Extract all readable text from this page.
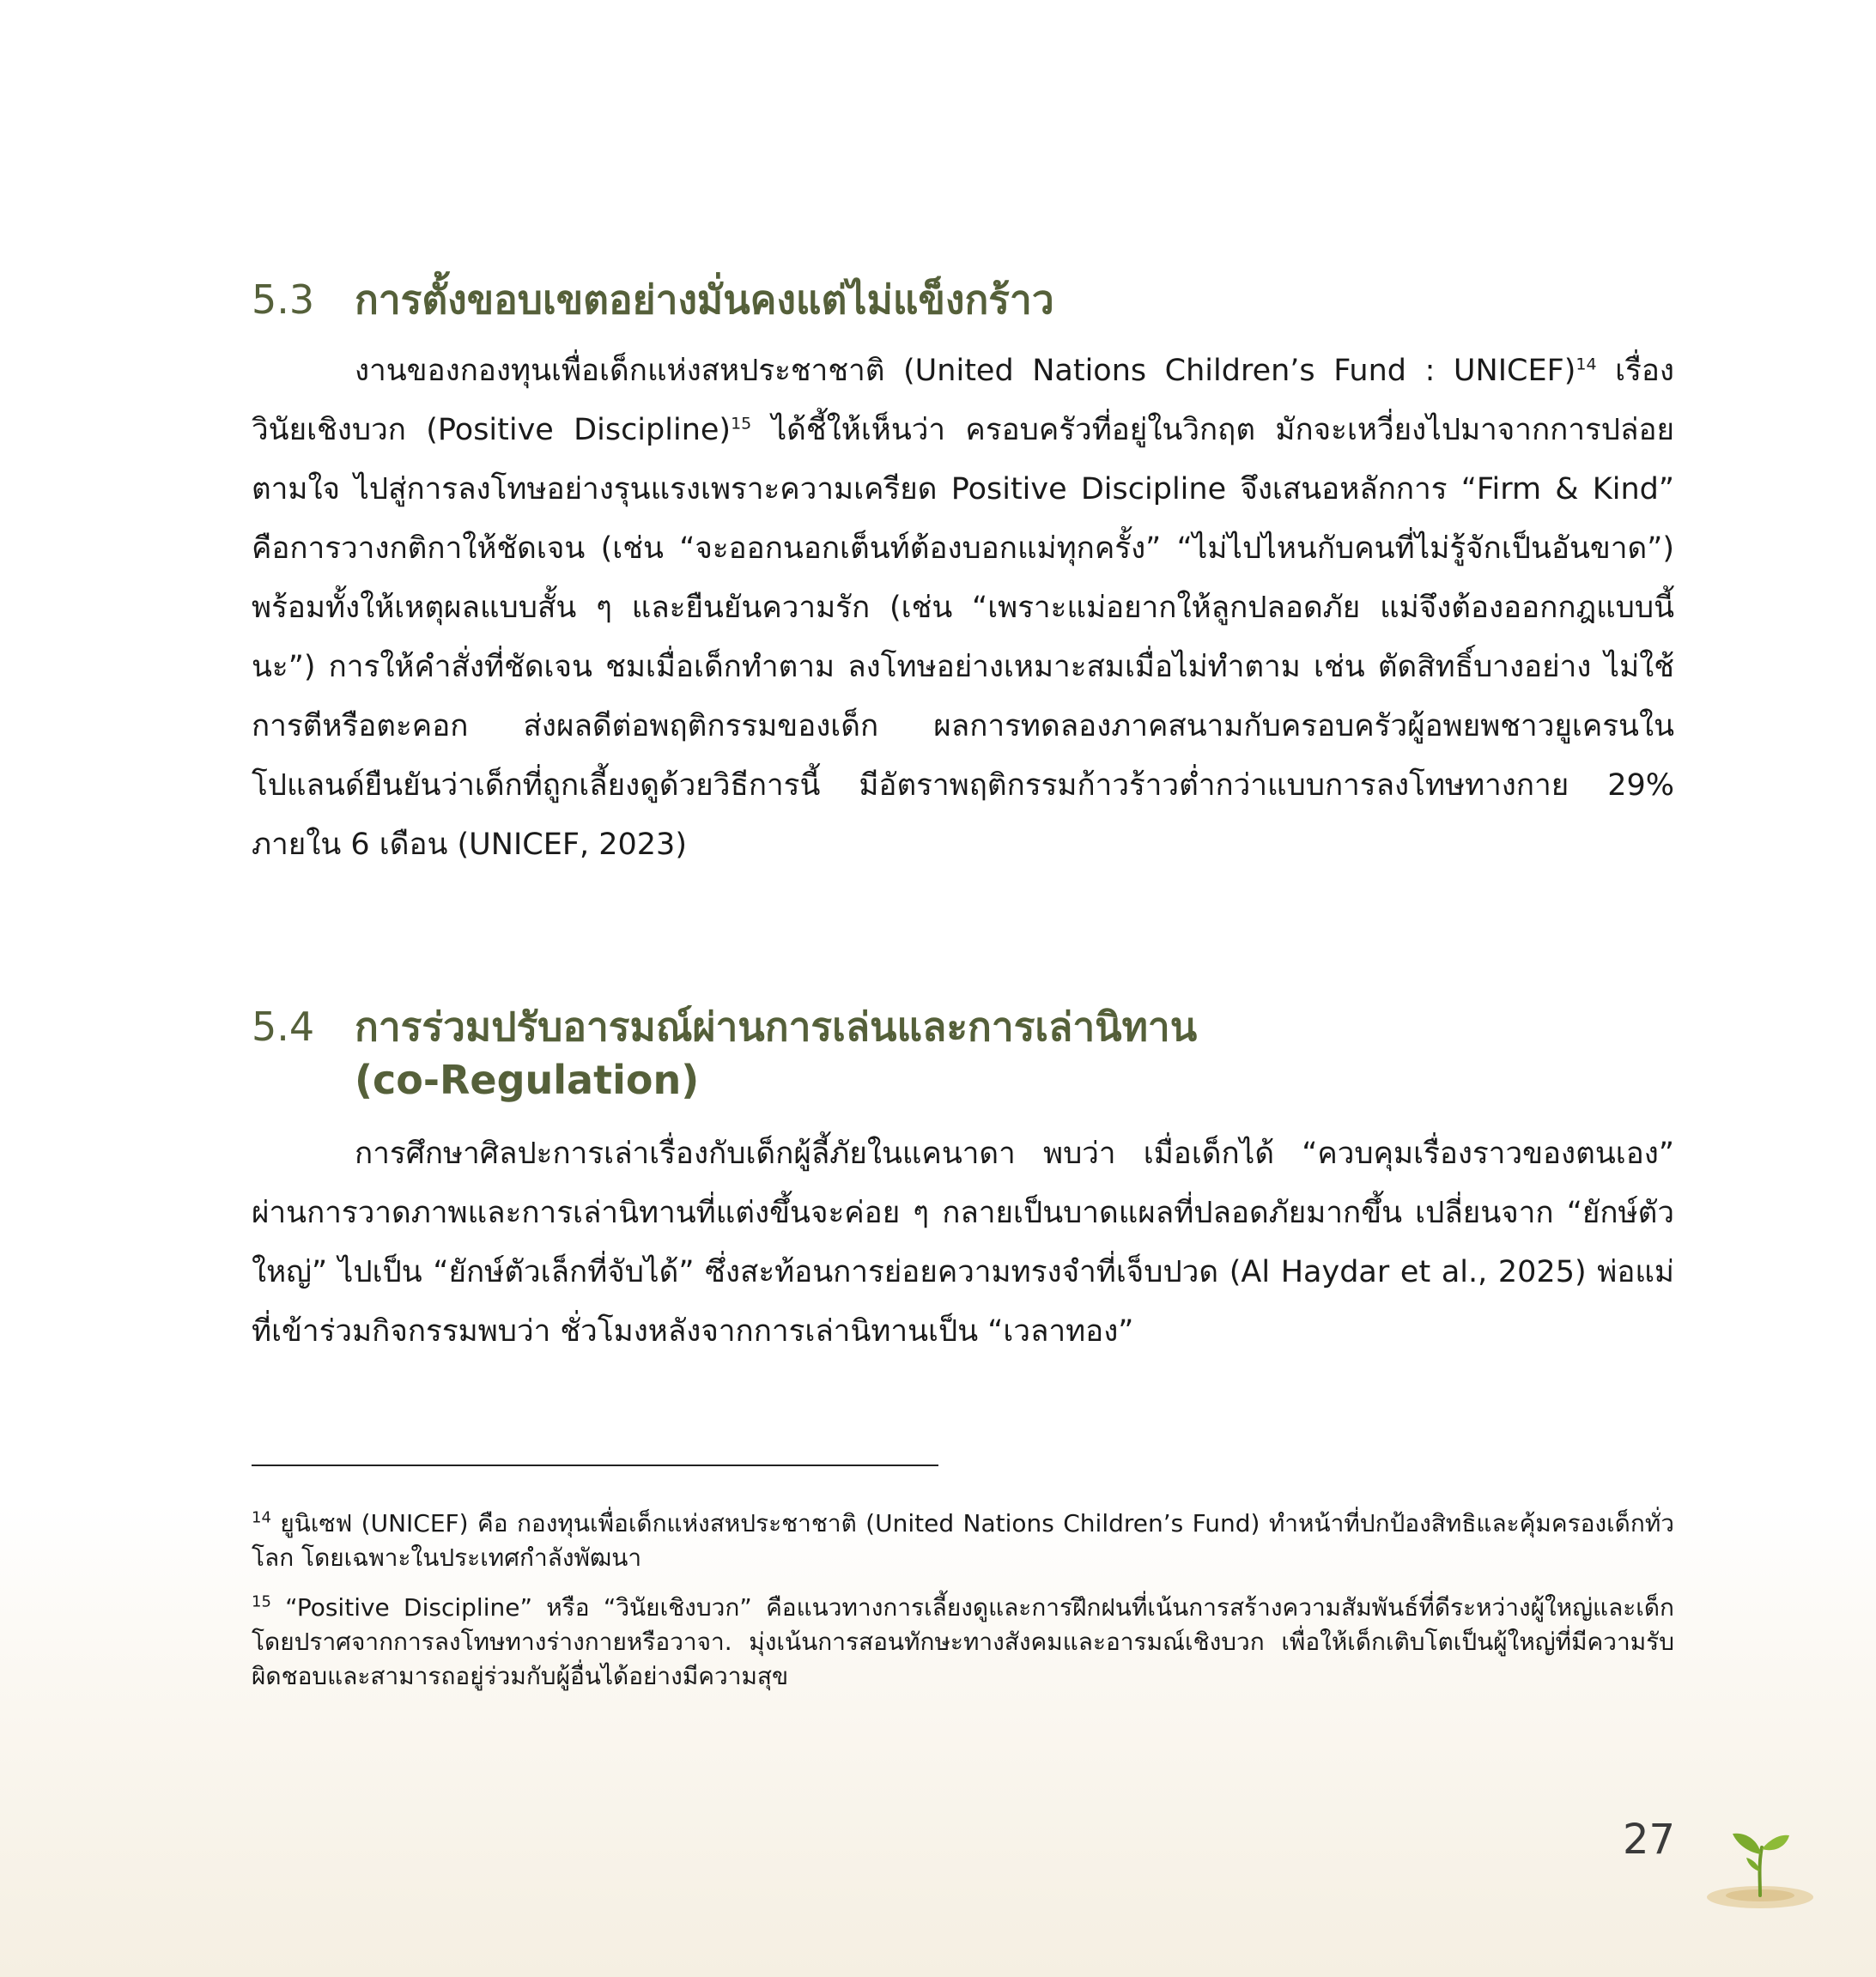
5.3 การตั้งขอบเขตอย่างมั่นคงแต่ไม่แข็งกร้าว

งานของกองทุนเพื่อเด็กแห่งสหประชาชาติ (United Nations Children’s Fund : UNICEF)$^{14}$ เรื่อง วินัยเชิงบวก (Positive Discipline)$^{15}$ ได้ชี้ให้เห็นว่า ครอบครัวที่อยู่ในวิกฤต มักจะเหวี่ยงไปมาจากการปล่อยตามใจ ไปสู่การลงโทษอย่างรุนแรงเพราะความเครียด Positive Discipline จึงเสนอหลักการ “Firm & Kind” คือการวางกติกาให้ชัดเจน (เช่น “จะออกนอกเต็นท์ต้องบอกแม่ทุกครั้ง” “ไม่ไปไหนกับคนที่ไม่รู้จักเป็นอันขาด”) พร้อมทั้งให้เหตุผลแบบสั้น ๆ และยืนยันความรัก (เช่น “เพราะแม่อยากให้ลูกปลอดภัย แม่จึงต้องออกกฎแบบนี้นะ”) การให้คำสั่งที่ชัดเจน ชมเมื่อเด็กทำตาม ลงโทษอย่างเหมาะสมเมื่อไม่ทำตาม เช่น ตัดสิทธิ์บางอย่าง ไม่ใช้การตีหรือตะคอก ส่งผลดีต่อพฤติกรรมของเด็ก ผลการทดลองภาคสนามกับครอบครัวผู้อพยพชาวยูเครนในโปแลนด์ยืนยันว่าเด็กที่ถูกเลี้ยงดูด้วยวิธีการนี้ มีอัตราพฤติกรรมก้าวร้าวต่ำกว่าแบบการลงโทษทางกาย 29% ภายใน 6 เดือน (UNICEF, 2023)

5.4 การร่วมปรับอารมณ์ผ่านการเล่นและการเล่านิทาน
(co-Regulation)

การศึกษาศิลปะการเล่าเรื่องกับเด็กผู้ลี้ภัยในแคนาดา พบว่า เมื่อเด็กได้ “ควบคุมเรื่องราวของตนเอง” ผ่านการวาดภาพและการเล่านิทานที่แต่งขึ้นจะค่อย ๆ กลายเป็นบาดแผลที่ปลอดภัยมากขึ้น เปลี่ยนจาก “ยักษ์ตัวใหญ่” ไปเป็น “ยักษ์ตัวเล็กที่จับได้” ซึ่งสะท้อนการย่อยความทรงจำที่เจ็บปวด (Al Haydar et al., 2025) พ่อแม่ที่เข้าร่วมกิจกรรมพบว่า ชั่วโมงหลังจากการเล่านิทานเป็น “เวลาทอง”

$^{14}$ ยูนิเซฟ (UNICEF) คือ กองทุนเพื่อเด็กแห่งสหประชาชาติ (United Nations Children’s Fund) ทำหน้าที่ปกป้องสิทธิและคุ้มครองเด็กทั่วโลก โดยเฉพาะในประเทศกำลังพัฒนา

$^{15}$ “Positive Discipline” หรือ “วินัยเชิงบวก” คือแนวทางการเลี้ยงดูและการฝึกฝนที่เน้นการสร้างความสัมพันธ์ที่ดีระหว่างผู้ใหญ่และเด็ก โดยปราศจากการลงโทษทางร่างกายหรือวาจา. มุ่งเน้นการสอนทักษะทางสังคมและอารมณ์เชิงบวก เพื่อให้เด็กเติบโตเป็นผู้ใหญ่ที่มีความรับผิดชอบและสามารถอยู่ร่วมกับผู้อื่นได้อย่างมีความสุข

27
